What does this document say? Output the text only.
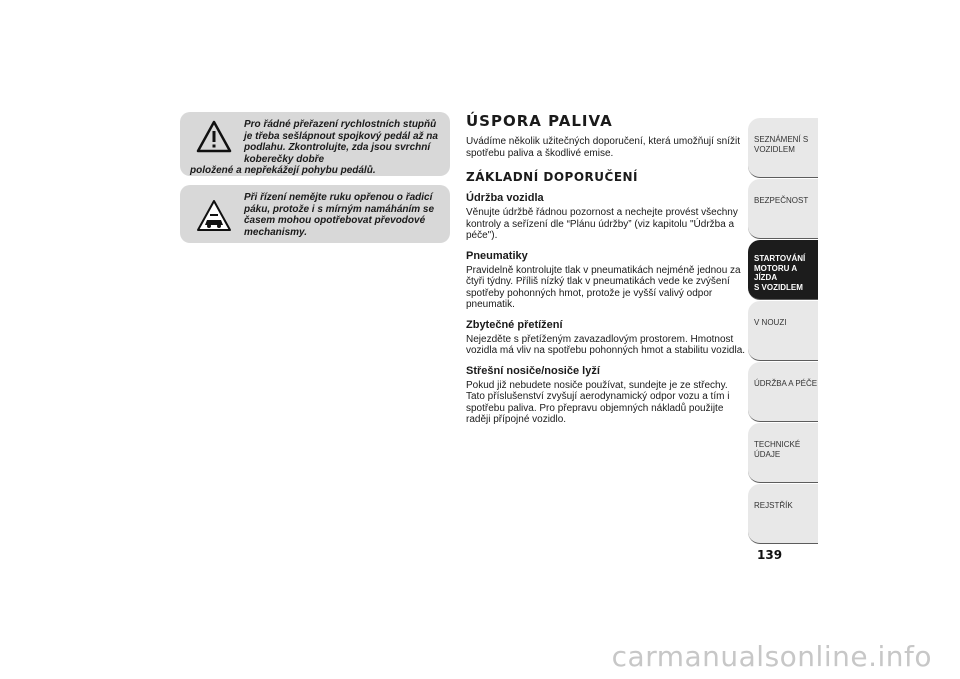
Pro řádné přeřazení rychlostních stupňů je třeba sešlápnout spojkový pedál až na podlahu. Zkontrolujte, zda jsou svrchní koberečky dobře

položené a nepřekážejí pohybu pedálů.

Při řízení nemějte ruku opřenou o řadicí páku, protože i s mírným namáháním se časem mohou opotřebovat převodové mechanismy.

ÚSPORA PALIVA

Uvádíme několik užitečných doporučení, která umožňují snížit spotřebu paliva a škodlivé emise.

ZÁKLADNÍ DOPORUČENÍ
Údržba vozidla

Věnujte údržbě řádnou pozornost a nechejte provést všechny kontroly a seřízení dle “Plánu údržby” (viz kapitolu "Údržba a péče").

Pneumatiky

Pravidelně kontrolujte tlak v pneumatikách nejméně jednou za čtyři týdny. Příliš nízký tlak v pneumatikách vede ke zvýšení spotřeby pohonných hmot, protože je vyšší valivý odpor pneumatik.

Zbytečné přetížení

Nejezděte s přetíženým zavazadlovým prostorem. Hmotnost vozidla má vliv na spotřebu pohonných hmot a stabilitu vozidla.

Střešní nosiče/nosiče lyží

Pokud již nebudete nosiče používat, sundejte je ze střechy. Tato příslušenství zvyšují aerodynamický odpor vozu a tím i spotřebu paliva. Pro přepravu objemných nákladů použijte raději přípojné vozidlo.

SEZNÁMENÍ S
VOZIDLEM
BEZPEČNOST
STARTOVÁNÍ
MOTORU A JÍZDA
S VOZIDLEM
V NOUZI
ÚDRŽBA A PÉČE
TECHNICKÉ ÚDAJE
REJSTŘÍK
139
carmanualsonline.info
